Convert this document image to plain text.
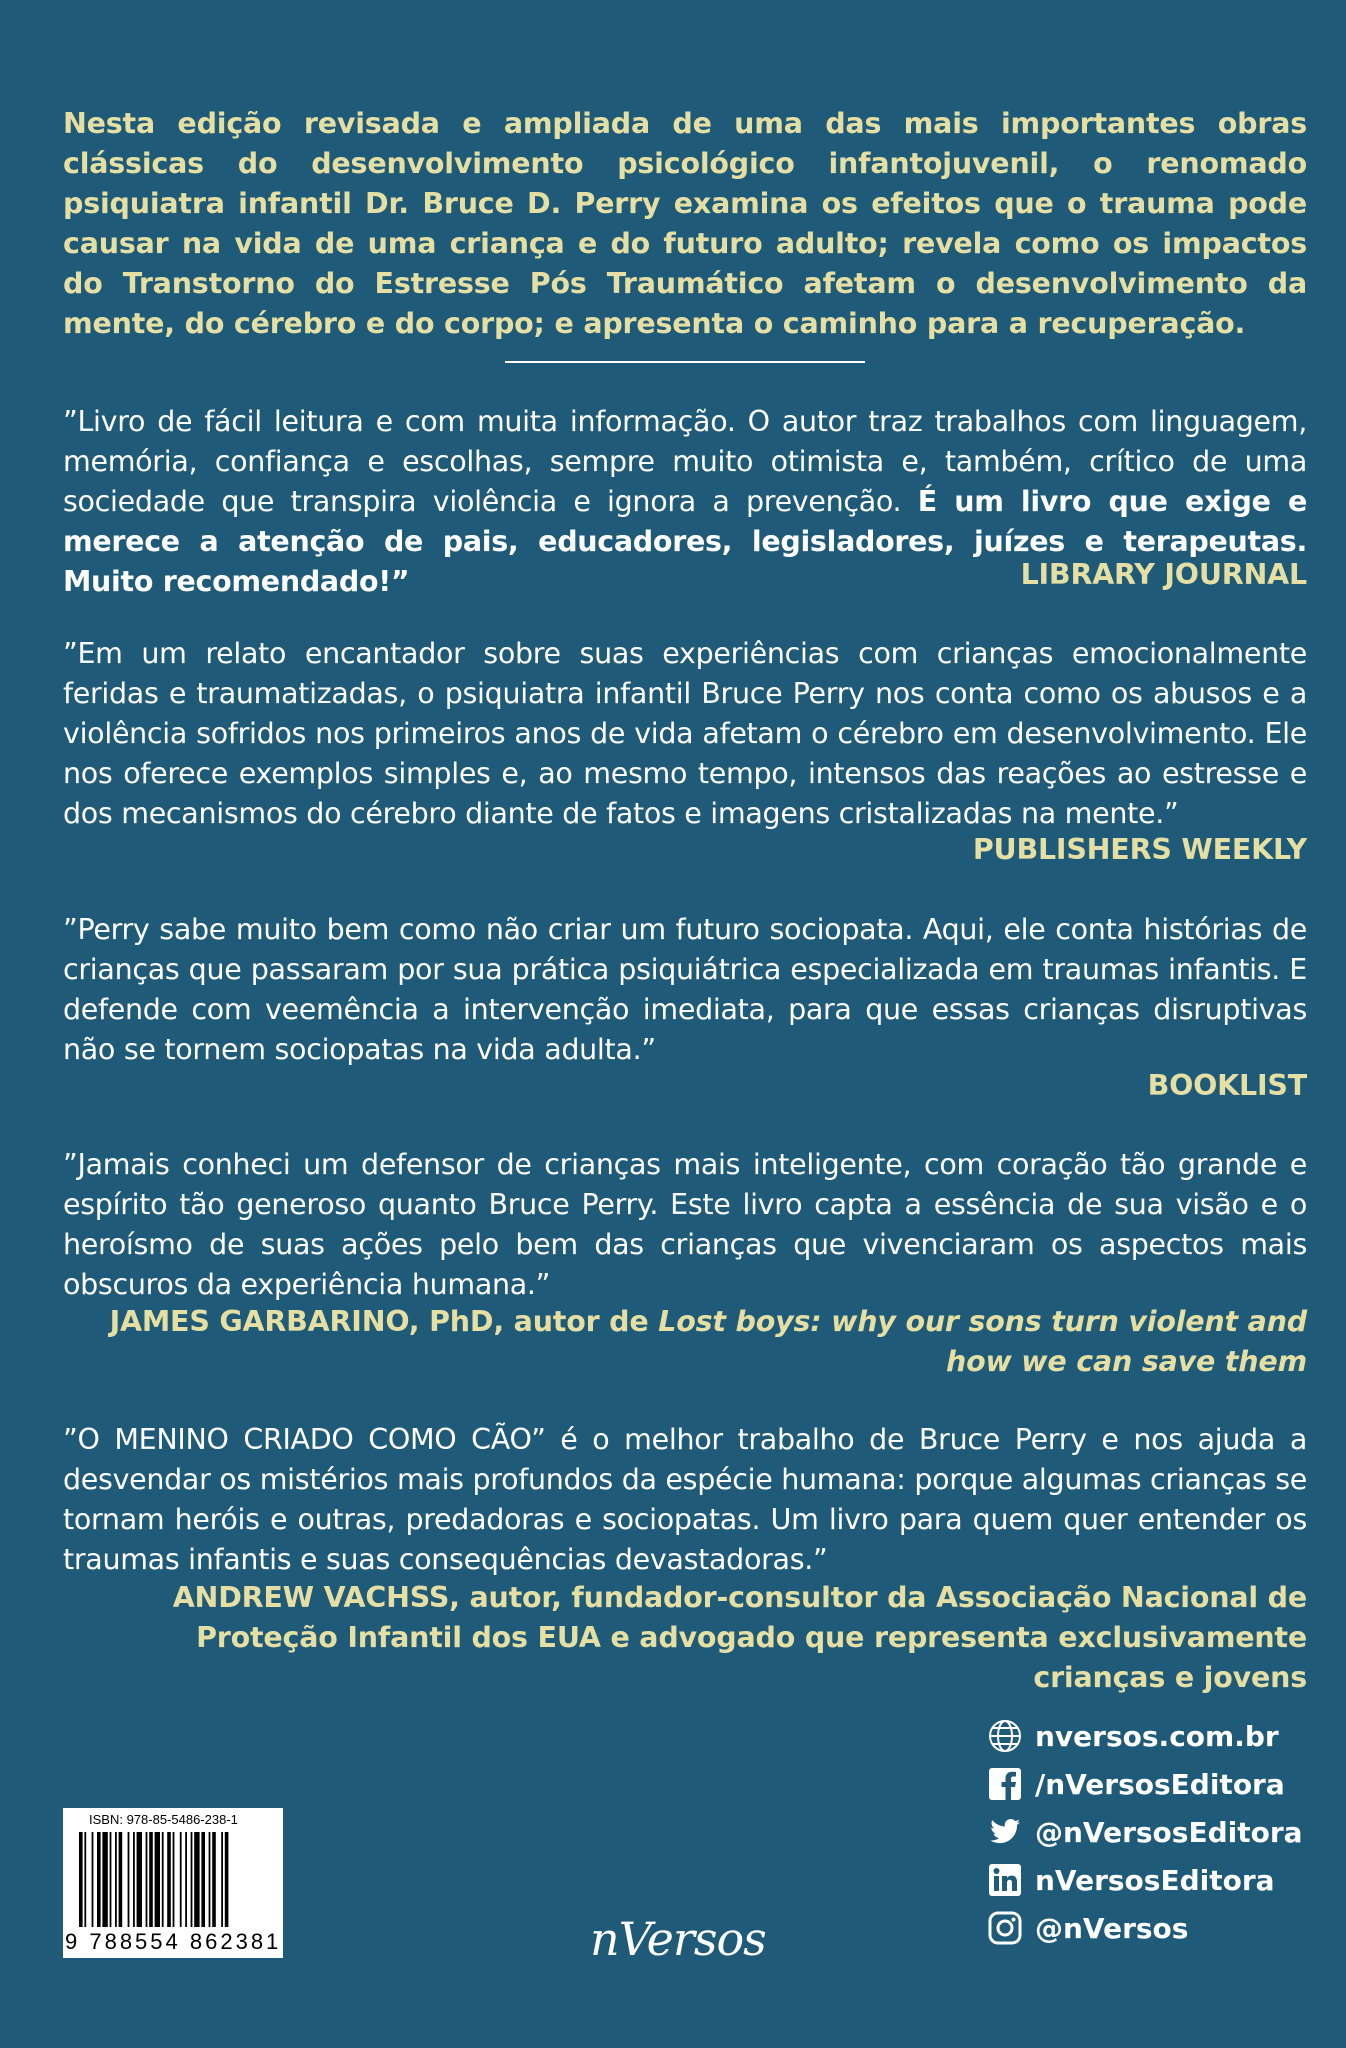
Nesta edição revisada e ampliada de uma das mais importantes obras clássicas do desenvolvimento psicológico infantojuvenil, o renomado psiquiatra infantil Dr. Bruce D. Perry examina os efeitos que o trauma pode causar na vida de uma criança e do futuro adulto; revela como os impactos do Transtorno do Estresse Pós Traumático afetam o desenvolvimento da mente, do cérebro e do corpo; e apresenta o caminho para a recuperação.

”Livro de fácil leitura e com muita informação. O autor traz trabalhos com linguagem, memória, confiança e escolhas, sempre muito otimista e, também, crítico de uma sociedade que transpira violência e ignora a prevenção. É um livro que exige e merece a atenção de pais, educadores, legisladores, juízes e terapeutas. Muito recomendado!”	LIBRARY JOURNAL

”Em um relato encantador sobre suas experiências com crianças emocionalmente feridas e traumatizadas, o psiquiatra infantil Bruce Perry nos conta como os abusos e a violência sofridos nos primeiros anos de vida afetam o cérebro em desenvolvimento. Ele nos oferece exemplos simples e, ao mesmo tempo, intensos das reações ao estresse e dos mecanismos do cérebro diante de fatos e imagens cristalizadas na mente.”

PUBLISHERS WEEKLY

”Perry sabe muito bem como não criar um futuro sociopata. Aqui, ele conta histórias de crianças que passaram por sua prática psiquiátrica especializada em traumas infantis. E defende com veemência a intervenção imediata, para que essas crianças disruptivas não se tornem sociopatas na vida adulta.”

BOOKLIST

”Jamais conheci um defensor de crianças mais inteligente, com coração tão grande e espírito tão generoso quanto Bruce Perry. Este livro capta a essência de sua visão e o heroísmo de suas ações pelo bem das crianças que vivenciaram os aspectos mais obscuros da experiência humana.”

JAMES GARBARINO, PhD, autor de Lost boys: why our sons turn violent and how we can save them

”O MENINO CRIADO COMO CÃO” é o melhor trabalho de Bruce Perry e nos ajuda a desvendar os mistérios mais profundos da espécie humana: porque algumas crianças se tornam heróis e outras, predadoras e sociopatas. Um livro para quem quer entender os traumas infantis e suas consequências devastadoras.”

ANDREW VACHSS, autor, fundador-consultor da Associação Nacional de Proteção Infantil dos EUA e advogado que representa exclusivamente crianças e jovens
nversos.com.br
/nVersosEditora
@nVersosEditora
nVersosEditora
@nVersos
ISBN: 978-85-5486-238-1
9 788554 862381	nVersos
